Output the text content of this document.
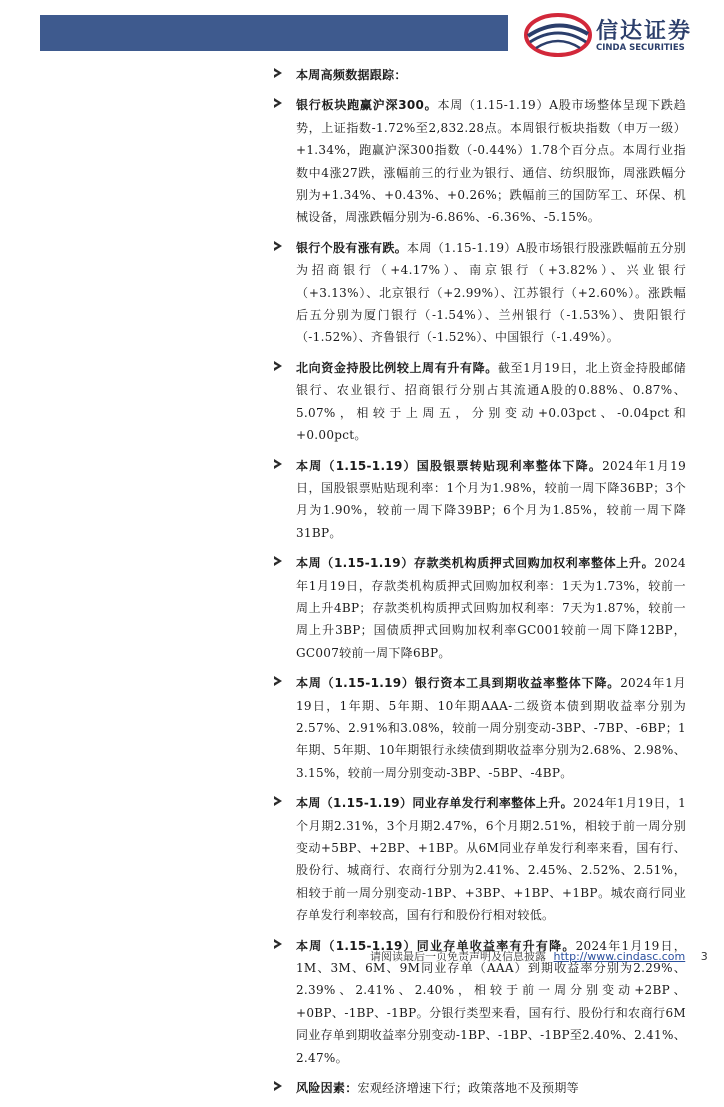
信达证券
CINDA SECURITIES
本周高频数据跟踪：
银行板块跑赢沪深300。本周（1.15-1.19）A股市场整体呈现下跌趋势，上证指数-1.72%至2,832.28点。本周银行板块指数（申万一级）+1.34%，跑赢沪深300指数（-0.44%）1.78个百分点。本周行业指数中4涨27跌，涨幅前三的行业为银行、通信、纺织服饰，周涨跌幅分别为+1.34%、+0.43%、+0.26%；跌幅前三的国防军工、环保、机械设备，周涨跌幅分别为-6.86%、-6.36%、-5.15%。
银行个股有涨有跌。本周（1.15-1.19）A股市场银行股涨跌幅前五分别为招商银行（+4.17%）、南京银行（+3.82%）、兴业银行（+3.13%）、北京银行（+2.99%）、江苏银行（+2.60%）。涨跌幅后五分别为厦门银行（-1.54%）、兰州银行（-1.53%）、贵阳银行（-1.52%）、齐鲁银行（-1.52%）、中国银行（-1.49%）。
北向资金持股比例较上周有升有降。截至1月19日，北上资金持股邮储银行、农业银行、招商银行分别占其流通A股的0.88%、0.87%、5.07%，相较于上周五，分别变动+0.03pct、-0.04pct和+0.00pct。
本周（1.15-1.19）国股银票转贴现利率整体下降。2024年1月19日，国股银票贴贴现利率：1个月为1.98%，较前一周下降36BP；3个月为1.90%，较前一周下降39BP；6个月为1.85%，较前一周下降31BP。
本周（1.15-1.19）存款类机构质押式回购加权利率整体上升。2024年1月19日，存款类机构质押式回购加权利率：1天为1.73%，较前一周上升4BP；存款类机构质押式回购加权利率：7天为1.87%，较前一周上升3BP；国债质押式回购加权利率GC001较前一周下降12BP，GC007较前一周下降6BP。
本周（1.15-1.19）银行资本工具到期收益率整体下降。2024年1月19日，1年期、5年期、10年期AAA-二级资本债到期收益率分别为2.57%、2.91%和3.08%，较前一周分别变动-3BP、-7BP、-6BP；1年期、5年期、10年期银行永续债到期收益率分别为2.68%、2.98%、3.15%，较前一周分别变动-3BP、-5BP、-4BP。
本周（1.15-1.19）同业存单发行利率整体上升。2024年1月19日，1个月期2.31%，3个月期2.47%，6个月期2.51%，相较于前一周分别变动+5BP、+2BP、+1BP。从6M同业存单发行利率来看，国有行、股份行、城商行、农商行分别为2.41%、2.45%、2.52%、2.51%，相较于前一周分别变动-1BP、+3BP、+1BP、+1BP。城农商行同业存单发行利率较高，国有行和股份行相对较低。
本周（1.15-1.19）同业存单收益率有升有降。2024年1月19日，1M、3M、6M、9M同业存单（AAA）到期收益率分别为2.29%、2.39%、2.41%、2.40%，相较于前一周分别变动+2BP、+0BP、-1BP、-1BP。分银行类型来看，国有行、股份行和农商行6M同业存单到期收益率分别变动-1BP、-1BP、-1BP至2.40%、2.41%、2.47%。
风险因素：宏观经济增速下行；政策落地不及预期等
请阅读最后一页免责声明及信息披露 http://www.cindasc.com 3
